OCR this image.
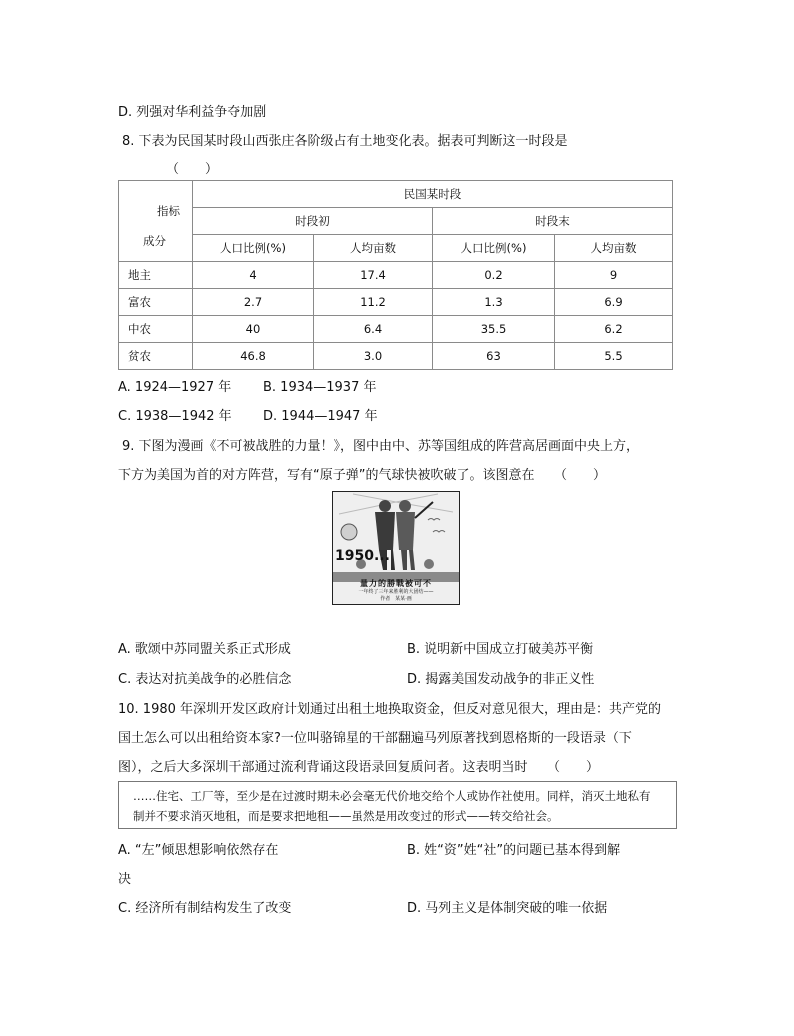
D. 列强对华利益争夺加剧
8. 下表为民国某时段山西张庄各阶级占有土地变化表。据表可判断这一时段是
（　　）
指标
成分	民国某时段			
	时段初		时段末	
	人口比例(%)	人均亩数	人口比例(%)	人均亩数
地主	4	17.4	0.2	9
富农	2.7	11.2	1.3	6.9
中农	40	6.4	35.5	6.2
贫农	46.8	3.0	63	5.5
A. 1924—1927 年 B. 1934—1937 年
C. 1938—1942 年 D. 1944—1947 年
9. 下图为漫画《不可被战胜的力量！》，图中由中、苏等国组成的阵营高居画面中央上方，
下方为美国为首的对方阵营，写有“原子弹”的气球快被吹破了。该图意在　　（　　）
1950...
量力的勝戰被可不
一年终了三年来胜利的大团结——
作者　某某·画
A. 歌颂中苏同盟关系正式形成	B. 说明新中国成立打破美苏平衡
C. 表达对抗美战争的必胜信念	D. 揭露美国发动战争的非正义性
10. 1980 年深圳开发区政府计划通过出租土地换取资金，但反对意见很大，理由是：共产党的
国土怎么可以出租给资本家?一位叫骆锦星的干部翻遍马列原著找到恩格斯的一段语录（下
图），之后大多深圳干部通过流利背诵这段语录回复质问者。这表明当时　　（　　）
……住宅、工厂等，至少是在过渡时期未必会毫无代价地交给个人或协作社使用。同样，消灭土地私有
制并不要求消灭地租，而是要求把地租——虽然是用改变过的形式——转交给社会。
A. “左”倾思想影响依然存在	B. 姓“资”姓“社”的问题已基本得到解
决
C. 经济所有制结构发生了改变	D. 马列主义是体制突破的唯一依据
